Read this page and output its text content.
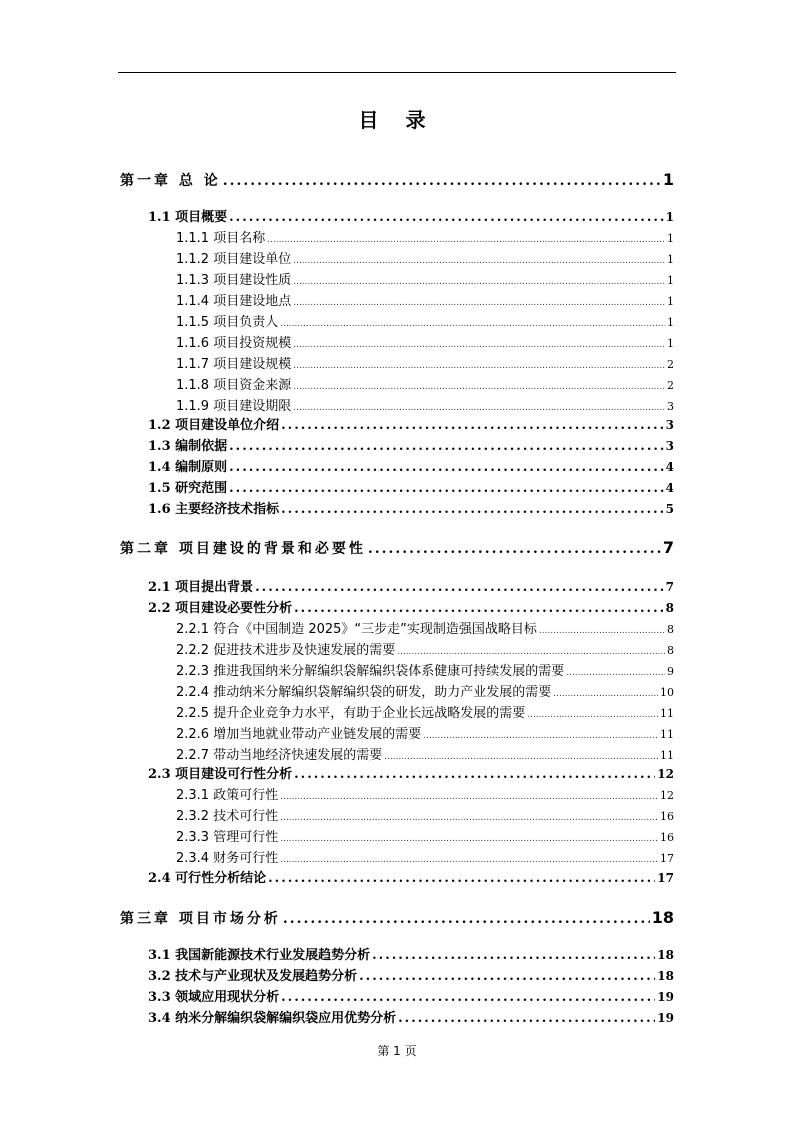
目 录
第一章 总 论 .....	1
1.1 项目概要 .....	1
1.1.1 项目名称 .....	1
1.1.2 项目建设单位 .....	1
1.1.3 项目建设性质 .....	1
1.1.4 项目建设地点 .....	1
1.1.5 项目负责人 .....	1
1.1.6 项目投资规模 .....	1
1.1.7 项目建设规模 .....	2
1.1.8 项目资金来源 .....	2
1.1.9 项目建设期限 .....	3
1.2 项目建设单位介绍 .....	3
1.3 编制依据 .....	3
1.4 编制原则 .....	4
1.5 研究范围 .....	4
1.6 主要经济技术指标 .....	5
第二章 项目建设的背景和必要性 .....	7
2.1 项目提出背景 .....	7
2.2 项目建设必要性分析 .....	8
2.2.1 符合《中国制造 2025》“三步走”实现制造强国战略目标 .....	8
2.2.2 促进技术进步及快速发展的需要 .....	8
2.2.3 推进我国纳米分解编织袋解编织袋体系健康可持续发展的需要 .....	9
2.2.4 推动纳米分解编织袋解编织袋的研发，助力产业发展的需要 .....	10
2.2.5 提升企业竞争力水平，有助于企业长远战略发展的需要 .....	11
2.2.6 增加当地就业带动产业链发展的需要 .....	11
2.2.7 带动当地经济快速发展的需要 .....	11
2.3 项目建设可行性分析 .....	12
2.3.1 政策可行性 .....	12
2.3.2 技术可行性 .....	16
2.3.3 管理可行性 .....	16
2.3.4 财务可行性 .....	17
2.4 可行性分析结论 .....	17
第三章 项目市场分析 .....	18
3.1 我国新能源技术行业发展趋势分析 .....	18
3.2 技术与产业现状及发展趋势分析 .....	18
3.3 领域应用现状分析 .....	19
3.4 纳米分解编织袋解编织袋应用优势分析 .....	19
第 1 页
